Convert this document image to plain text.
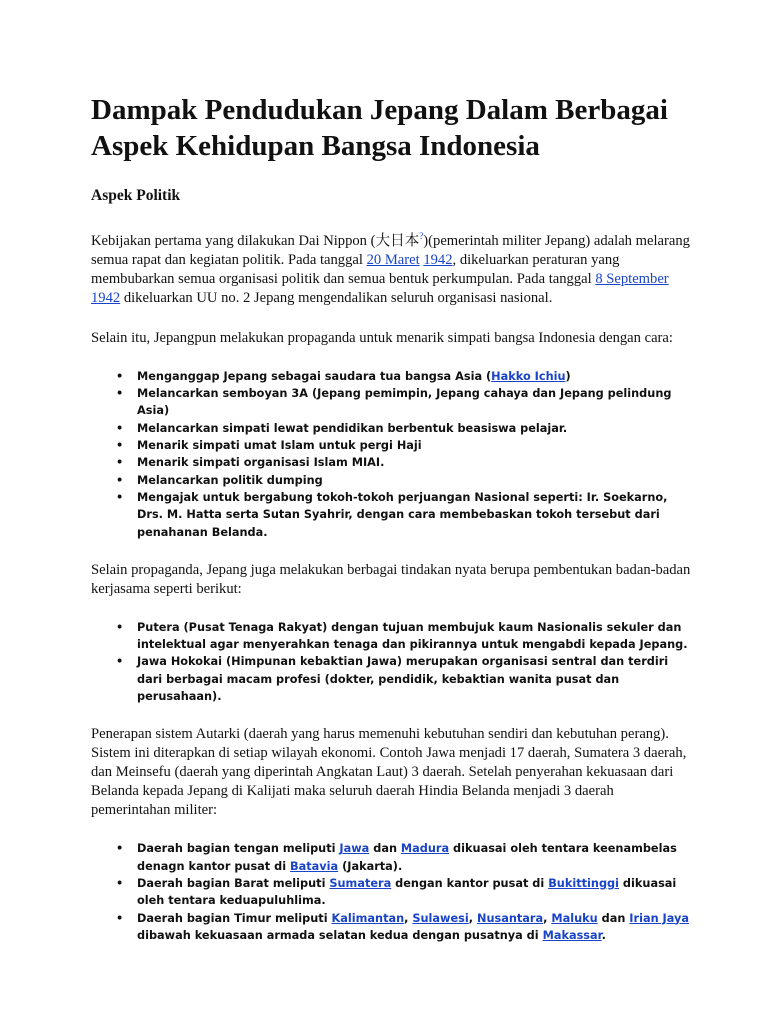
Dampak Pendudukan Jepang Dalam Berbagai Aspek Kehidupan Bangsa Indonesia
Aspek Politik

Kebijakan pertama yang dilakukan Dai Nippon (大日本?)(pemerintah militer Jepang) adalah melarang semua rapat dan kegiatan politik. Pada tanggal 20 Maret 1942, dikeluarkan peraturan yang membubarkan semua organisasi politik dan semua bentuk perkumpulan. Pada tanggal 8 September 1942 dikeluarkan UU no. 2 Jepang mengendalikan seluruh organisasi nasional.

Selain itu, Jepangpun melakukan propaganda untuk menarik simpati bangsa Indonesia dengan cara:

• Menganggap Jepang sebagai saudara tua bangsa Asia (Hakko Ichiu)
• Melancarkan semboyan 3A (Jepang pemimpin, Jepang cahaya dan Jepang pelindung Asia)
• Melancarkan simpati lewat pendidikan berbentuk beasiswa pelajar.
• Menarik simpati umat Islam untuk pergi Haji
• Menarik simpati organisasi Islam MIAI.
• Melancarkan politik dumping
• Mengajak untuk bergabung tokoh-tokoh perjuangan Nasional seperti: Ir. Soekarno, Drs. M. Hatta serta Sutan Syahrir, dengan cara membebaskan tokoh tersebut dari penahanan Belanda.

Selain propaganda, Jepang juga melakukan berbagai tindakan nyata berupa pembentukan badan-badan kerjasama seperti berikut:

• Putera (Pusat Tenaga Rakyat) dengan tujuan membujuk kaum Nasionalis sekuler dan intelektual agar menyerahkan tenaga dan pikirannya untuk mengabdi kepada Jepang.
• Jawa Hokokai (Himpunan kebaktian Jawa) merupakan organisasi sentral dan terdiri dari berbagai macam profesi (dokter, pendidik, kebaktian wanita pusat dan perusahaan).

Penerapan sistem Autarki (daerah yang harus memenuhi kebutuhan sendiri dan kebutuhan perang). Sistem ini diterapkan di setiap wilayah ekonomi. Contoh Jawa menjadi 17 daerah, Sumatera 3 daerah, dan Meinsefu (daerah yang diperintah Angkatan Laut) 3 daerah. Setelah penyerahan kekuasaan dari Belanda kepada Jepang di Kalijati maka seluruh daerah Hindia Belanda menjadi 3 daerah pemerintahan militer:

• Daerah bagian tengan meliputi Jawa dan Madura dikuasai oleh tentara keenambelas denagn kantor pusat di Batavia (Jakarta).
• Daerah bagian Barat meliputi Sumatera dengan kantor pusat di Bukittinggi dikuasai oleh tentara keduapuluhlima.
• Daerah bagian Timur meliputi Kalimantan, Sulawesi, Nusantara, Maluku dan Irian Jaya dibawah kekuasaan armada selatan kedua dengan pusatnya di Makassar.
